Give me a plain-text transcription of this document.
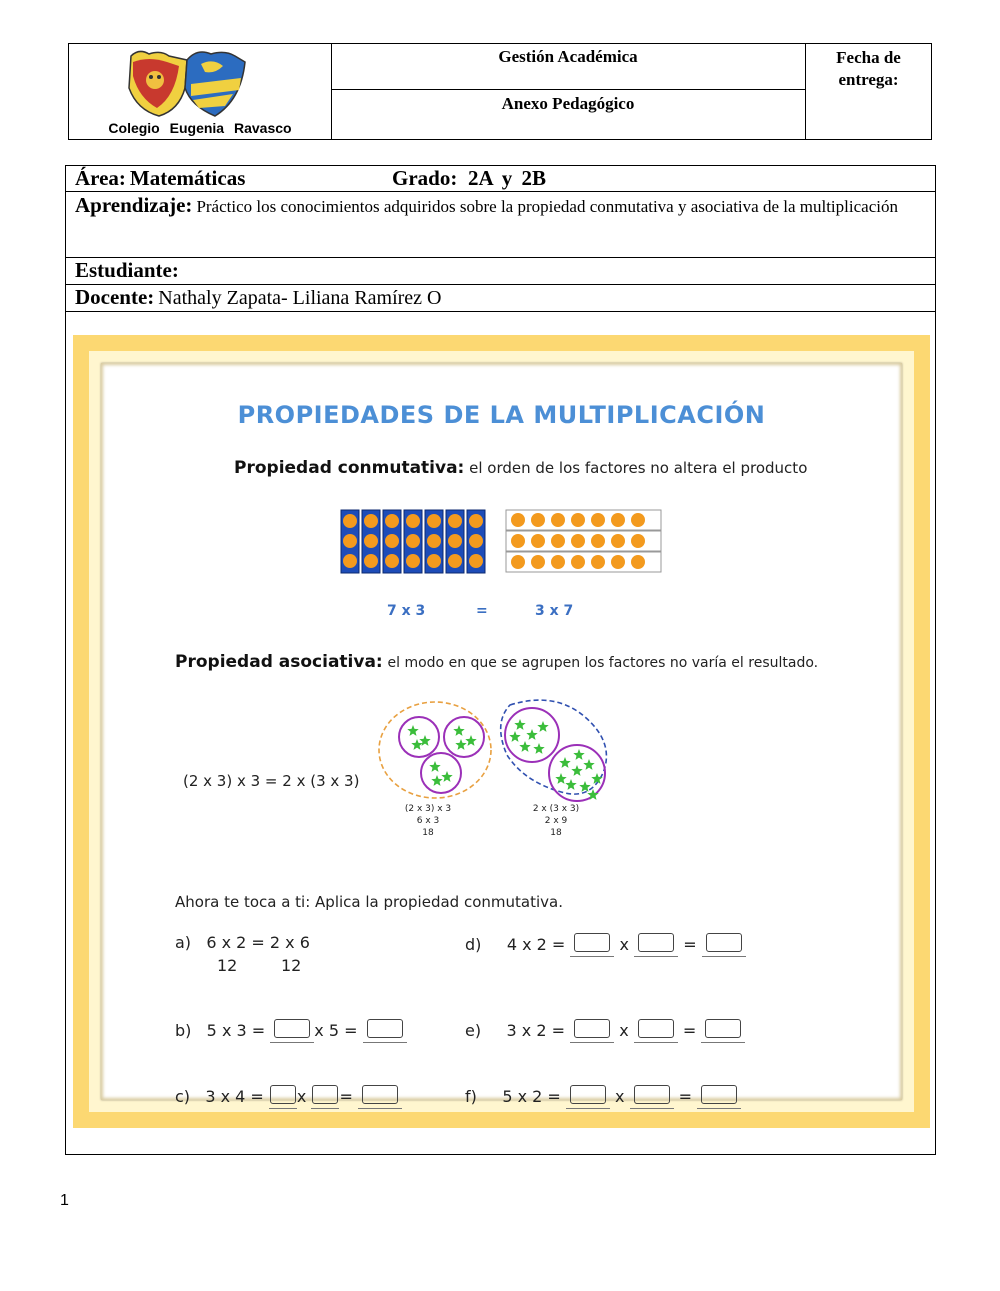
Colegio Eugenia Ravasco
Gestión Académica
Anexo Pedagógico
Fecha de entrega:
Área: Matemáticas	Grado: 2A y 2B
Aprendizaje: Práctico los conocimientos adquiridos sobre la propiedad conmutativa y asociativa de la multiplicación
Estudiante:
Docente: Nathaly Zapata- Liliana Ramírez O
PROPIEDADES DE LA MULTIPLICACIÓN
Propiedad conmutativa: el orden de los factores no altera el producto
7 x 3	=	3 x 7
Propiedad asociativa: el modo en que se agrupen los factores no varía el resultado.
(2 x 3) x 3 = 2 x (3 x 3)
(2 x 3) x 3
6 x 3
18
2 x (3 x 3)
2 x 9
18
Ahora te toca a ti: Aplica la propiedad conmutativa.
a) 6 x 2 = 2 x 6
12	12
b) 5 x 3 =	x 5 =
c) 3 x 4 = x =
d) 4 x 2 =	x	=
e) 3 x 2 =	x	=
f) 5 x 2 =	x	=
1
